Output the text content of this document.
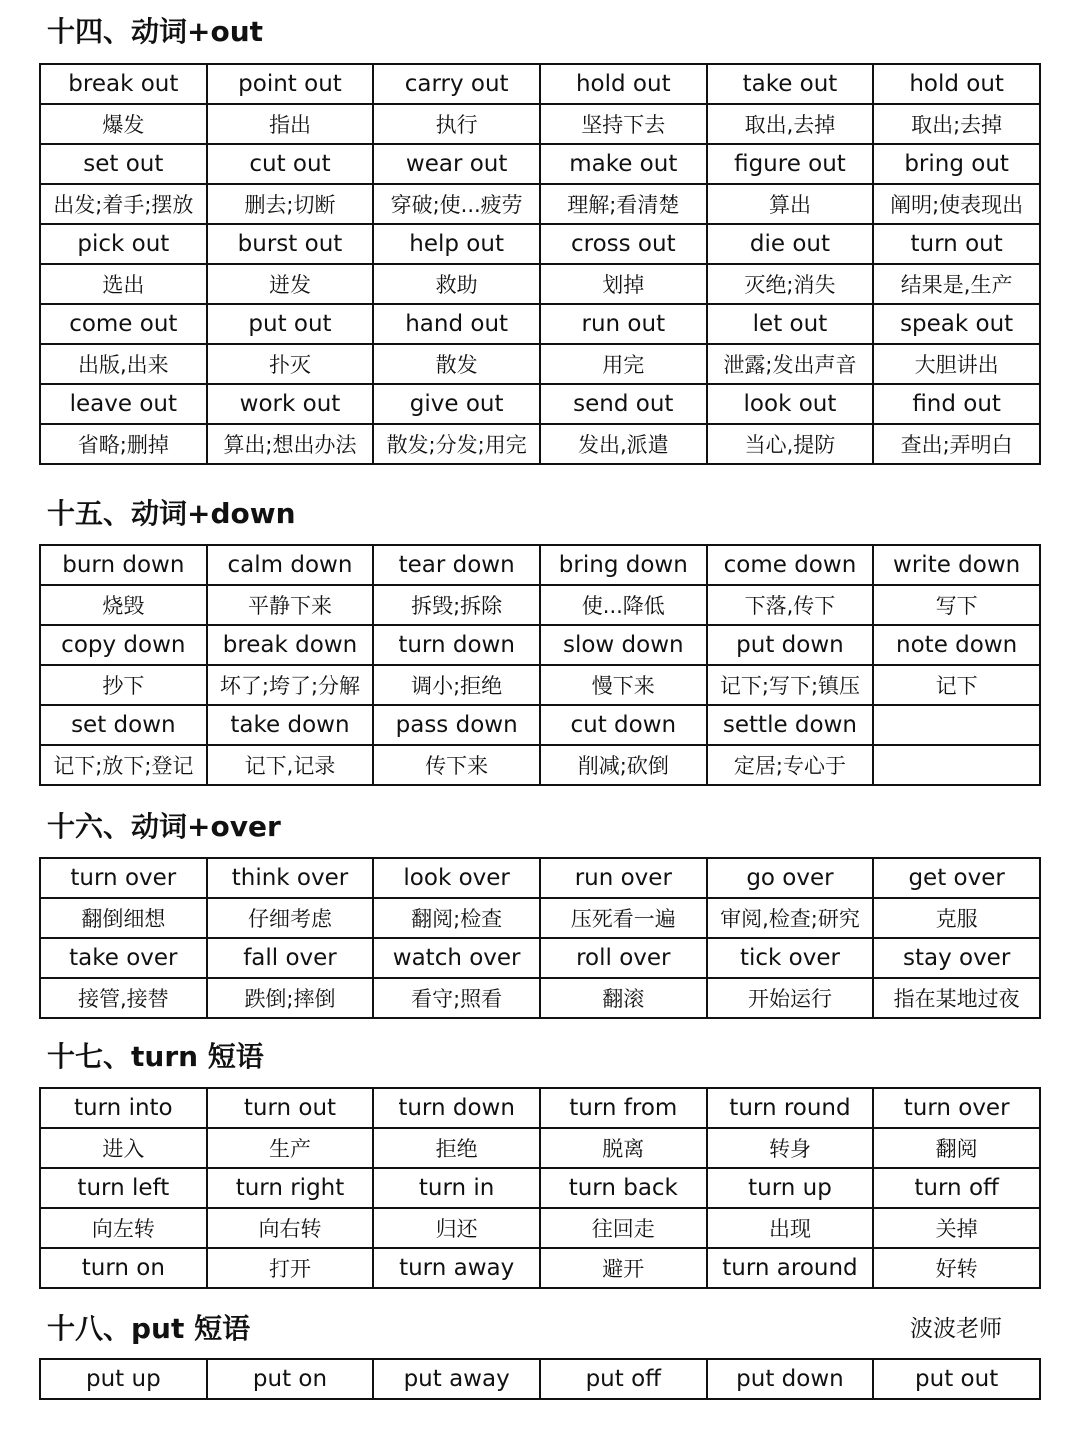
十四、动词+out
break out	point out	carry out	hold out	take out	hold out
爆发	指出	执行	坚持下去	取出,去掉	取出;去掉
set out	cut out	wear out	make out	figure out	bring out
出发;着手;摆放	删去;切断	穿破;使...疲劳	理解;看清楚	算出	阐明;使表现出
pick out	burst out	help out	cross out	die out	turn out
选出	迸发	救助	划掉	灭绝;消失	结果是,生产
come out	put out	hand out	run out	let out	speak out
出版,出来	扑灭	散发	用完	泄露;发出声音	大胆讲出
leave out	work out	give out	send out	look out	find out
省略;删掉	算出;想出办法	散发;分发;用完	发出,派遣	当心,提防	查出;弄明白
十五、动词+down
burn down	calm down	tear down	bring down	come down	write down
烧毁	平静下来	拆毁;拆除	使...降低	下落,传下	写下
copy down	break down	turn down	slow down	put down	note down
抄下	坏了;垮了;分解	调小;拒绝	慢下来	记下;写下;镇压	记下
set down	take down	pass down	cut down	settle down	
记下;放下;登记	记下,记录	传下来	削减;砍倒	定居;专心于	
十六、动词+over
turn over	think over	look over	run over	go over	get over
翻倒细想	仔细考虑	翻阅;检查	压死看一遍	审阅,检查;研究	克服
take over	fall over	watch over	roll over	tick over	stay over
接管,接替	跌倒;摔倒	看守;照看	翻滚	开始运行	指在某地过夜
十七、turn 短语
turn into	turn out	turn down	turn from	turn round	turn over
进入	生产	拒绝	脱离	转身	翻阅
turn left	turn right	turn in	turn back	turn up	turn off
向左转	向右转	归还	往回走	出现	关掉
turn on	打开	turn away	避开	turn around	好转
十八、put 短语	波波老师
put up	put on	put away	put off	put down	put out
